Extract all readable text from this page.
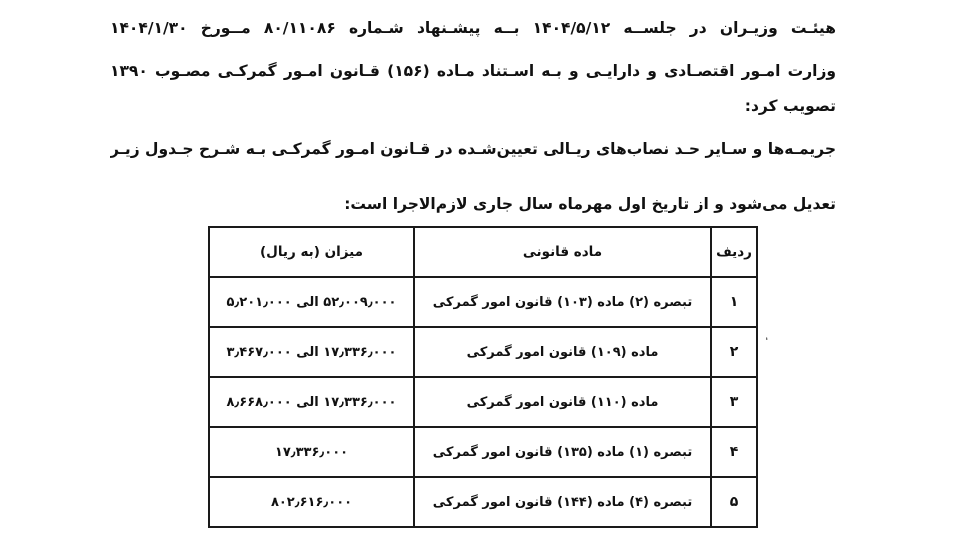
هیئـت وزیـران در جلســه ۱۴۰۴/۵/۱۲ بــه پیشـنهاد شـماره ۸۰/۱۱۰۸۶ مــورخ ۱۴۰۴/۱/۳۰
وزارت امـور اقتصـادی و دارایـی و بـه اسـتناد مـاده (۱۵۶) قـانون امـور گمرکـی مصـوب ۱۳۹۰
تصویب کرد:
جریمـه‌ها و سـایر حـد نصاب‌های ریـالی تعیین‌شـده در قـانون امـور گمرکـی بـه شـرح جـدول زیـر
تعدیل می‌شود و از تاریخ اول مهرماه سال جاری لازم‌الاجرا است:
ردیف	ماده قانونی	میزان (به ریال)
۱	تبصره (۲) ماده (۱۰۳) قانون امور گمرکی	۵۲٫۰۰۹٫۰۰۰ الی ۵٫۲۰۱٫۰۰۰
۲	ماده (۱۰۹) قانون امور گمرکی	۱۷٫۳۳۶٫۰۰۰ الی ۳٫۴۶۷٫۰۰۰
۳	ماده (۱۱۰) قانون امور گمرکی	۱۷٫۳۳۶٫۰۰۰ الی ۸٫۶۶۸٫۰۰۰
۴	تبصره (۱) ماده (۱۳۵) قانون امور گمرکی	۱۷٫۳۳۶٫۰۰۰
۵	تبصره (۴) ماده (۱۴۴) قانون امور گمرکی	۸۰۲٫۶۱۶٫۰۰۰
